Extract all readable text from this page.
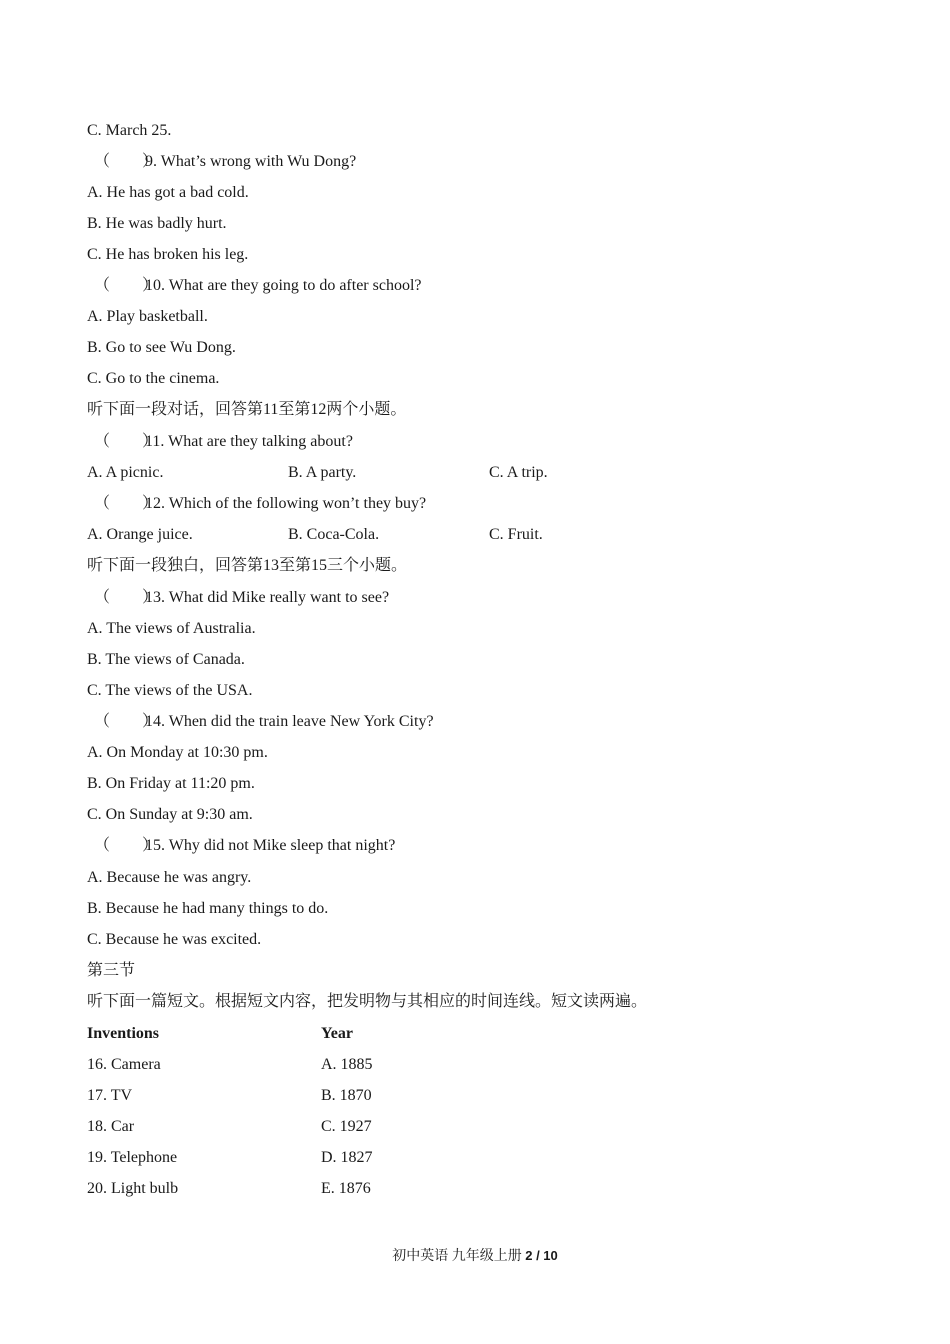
C. March 25.
（　　）9. What’s wrong with Wu Dong?
A. He has got a bad cold.
B. He was badly hurt.
C. He has broken his leg.
（　　）10. What are they going to do after school?
A. Play basketball.
B. Go to see Wu Dong.
C. Go to the cinema.
听下面一段对话，回答第11至第12两个小题。
（　　）11. What are they talking about?
A. A picnic.	B. A party.	C. A trip.
（　　）12. Which of the following won’t they buy?
A. Orange juice.	B. Coca-Cola.	C. Fruit.
听下面一段独白，回答第13至第15三个小题。
（　　）13. What did Mike really want to see?
A. The views of Australia.
B. The views of Canada.
C. The views of the USA.
（　　）14. When did the train leave New York City?
A. On Monday at 10:30 pm.
B. On Friday at 11:20 pm.
C. On Sunday at 9:30 am.
（　　）15. Why did not Mike sleep that night?
A. Because he was angry.
B. Because he had many things to do.
C. Because he was excited.
第三节
听下面一篇短文。根据短文内容，把发明物与其相应的时间连线。短文读两遍。
Inventions	Year
16. Camera	A. 1885
17. TV	B. 1870
18. Car	C. 1927
19. Telephone	D. 1827
20. Light bulb	E. 1876
初中英语 九年级上册 2 / 10
